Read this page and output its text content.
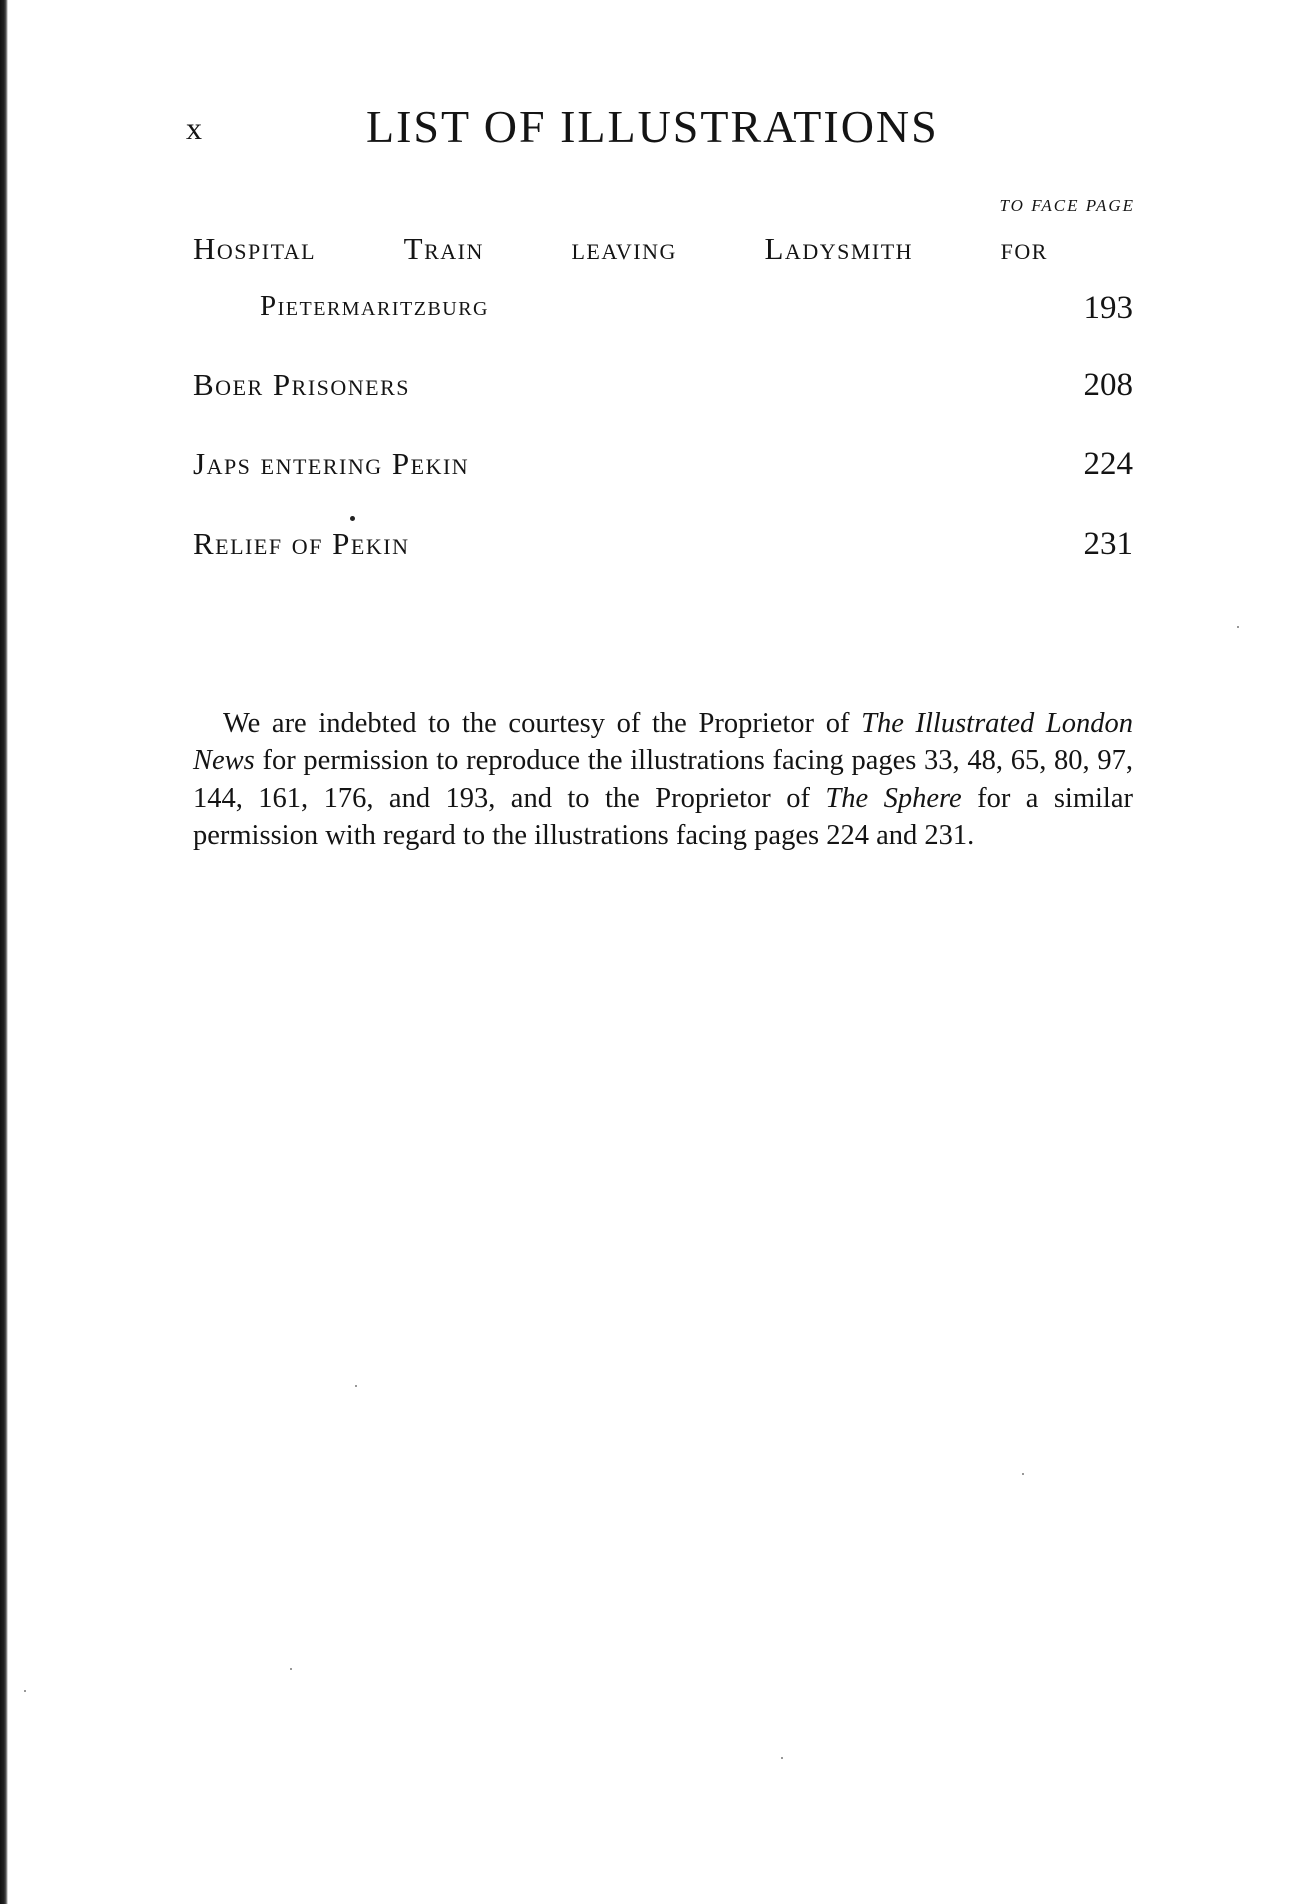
x	LIST OF ILLUSTRATIONS
TO FACE PAGE
Hospital	Train	leaving	Ladysmith	for
Pietermaritzburg	193
Boer Prisoners	208
Japs entering Pekin	224
Relief of Pekin	231

We are indebted to the courtesy of the Proprietor of The Illustrated London News for permission to reproduce the illustrations facing pages 33, 48, 65, 80, 97, 144, 161, 176, and 193, and to the Proprietor of The Sphere for a similar permission with regard to the illustrations facing pages 224 and 231.
